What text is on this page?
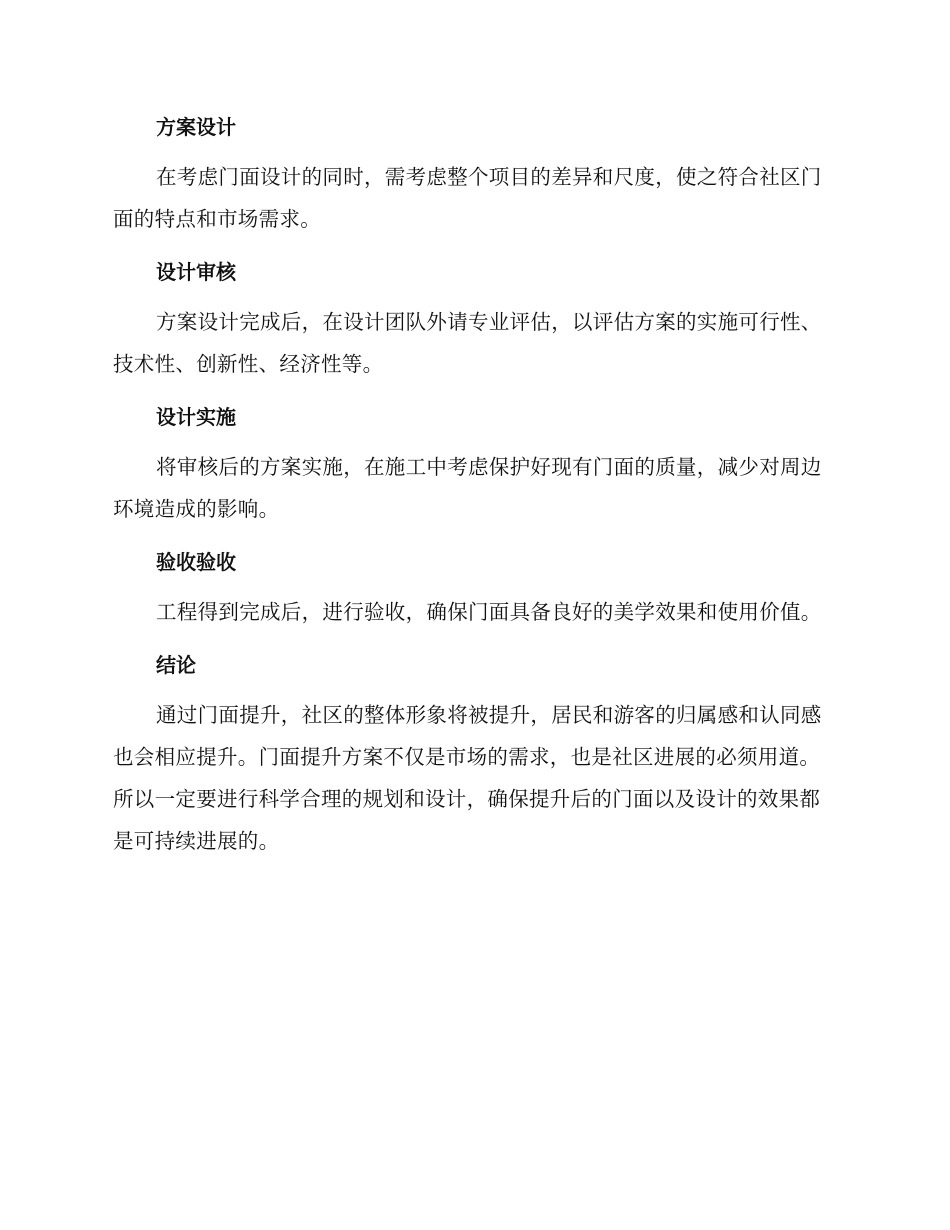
方案设计

在考虑门面设计的同时，需考虑整个项目的差异和尺度，使之符合社区门面的特点和市场需求。

设计审核

方案设计完成后，在设计团队外请专业评估，以评估方案的实施可行性、技术性、创新性、经济性等。

设计实施

将审核后的方案实施，在施工中考虑保护好现有门面的质量，减少对周边环境造成的影响。

验收验收

工程得到完成后，进行验收，确保门面具备良好的美学效果和使用价值。

结论

通过门面提升，社区的整体形象将被提升，居民和游客的归属感和认同感也会相应提升。门面提升方案不仅是市场的需求，也是社区进展的必须用道。所以一定要进行科学合理的规划和设计，确保提升后的门面以及设计的效果都是可持续进展的。
